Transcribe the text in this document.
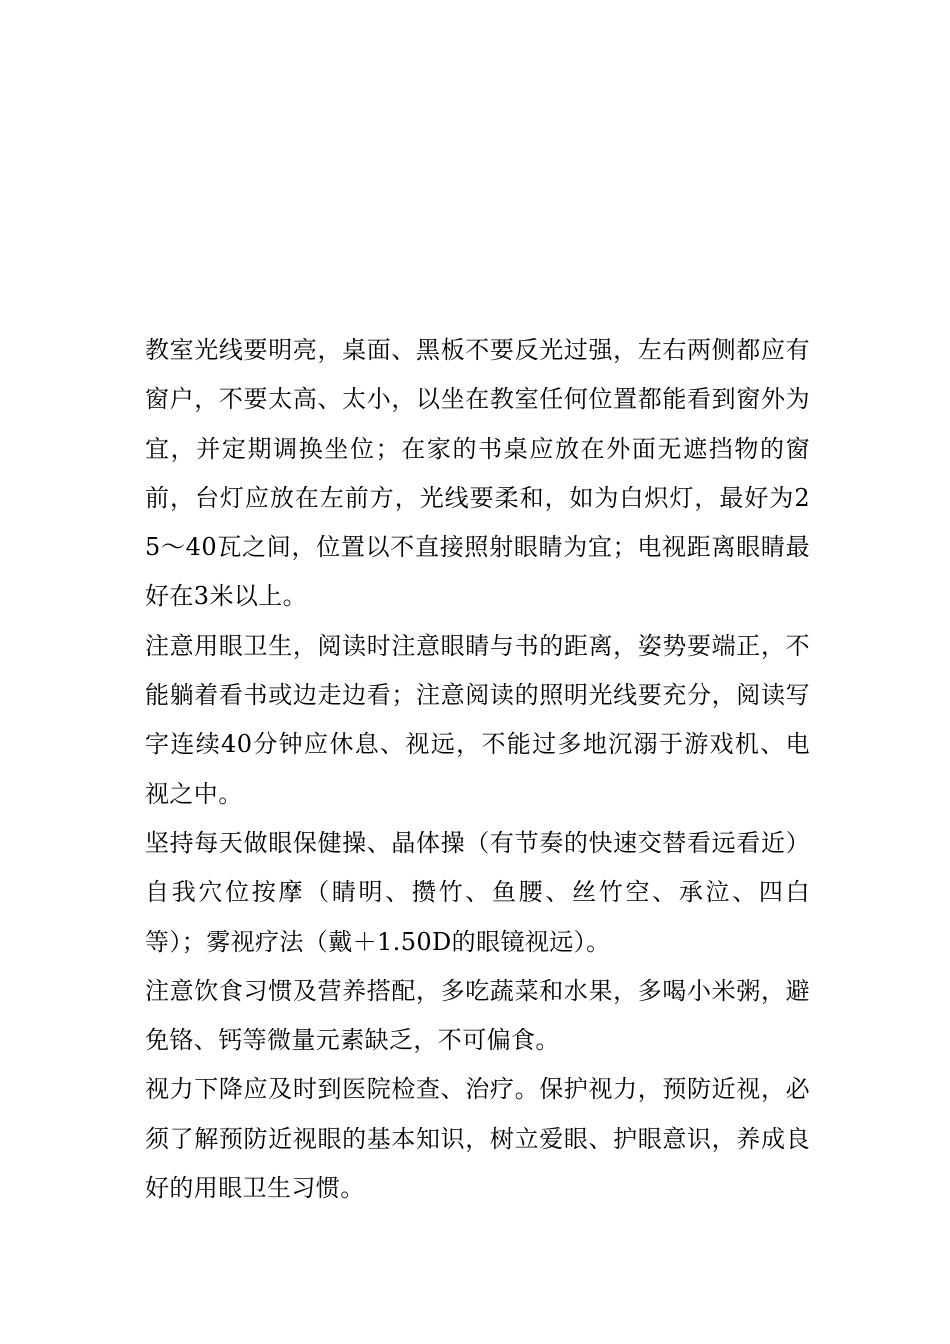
教室光线要明亮，桌面、黑板不要反光过强，左右两侧都应有窗户，不要太高、太小，以坐在教室任何位置都能看到窗外为宜，并定期调换坐位；在家的书桌应放在外面无遮挡物的窗前，台灯应放在左前方，光线要柔和，如为白炽灯，最好为25～40瓦之间，位置以不直接照射眼睛为宜；电视距离眼睛最好在3米以上。

注意用眼卫生，阅读时注意眼睛与书的距离，姿势要端正，不能躺着看书或边走边看；注意阅读的照明光线要充分，阅读写字连续40分钟应休息、视远，不能过多地沉溺于游戏机、电视之中。

坚持每天做眼保健操、晶体操（有节奏的快速交替看远看近）自我穴位按摩（睛明、攒竹、鱼腰、丝竹空、承泣、四白等）；雾视疗法（戴＋1.50D的眼镜视远）。

注意饮食习惯及营养搭配，多吃蔬菜和水果，多喝小米粥，避免铬、钙等微量元素缺乏，不可偏食。

视力下降应及时到医院检查、治疗。保护视力，预防近视，必须了解预防近视眼的基本知识，树立爱眼、护眼意识，养成良好的用眼卫生习惯。
